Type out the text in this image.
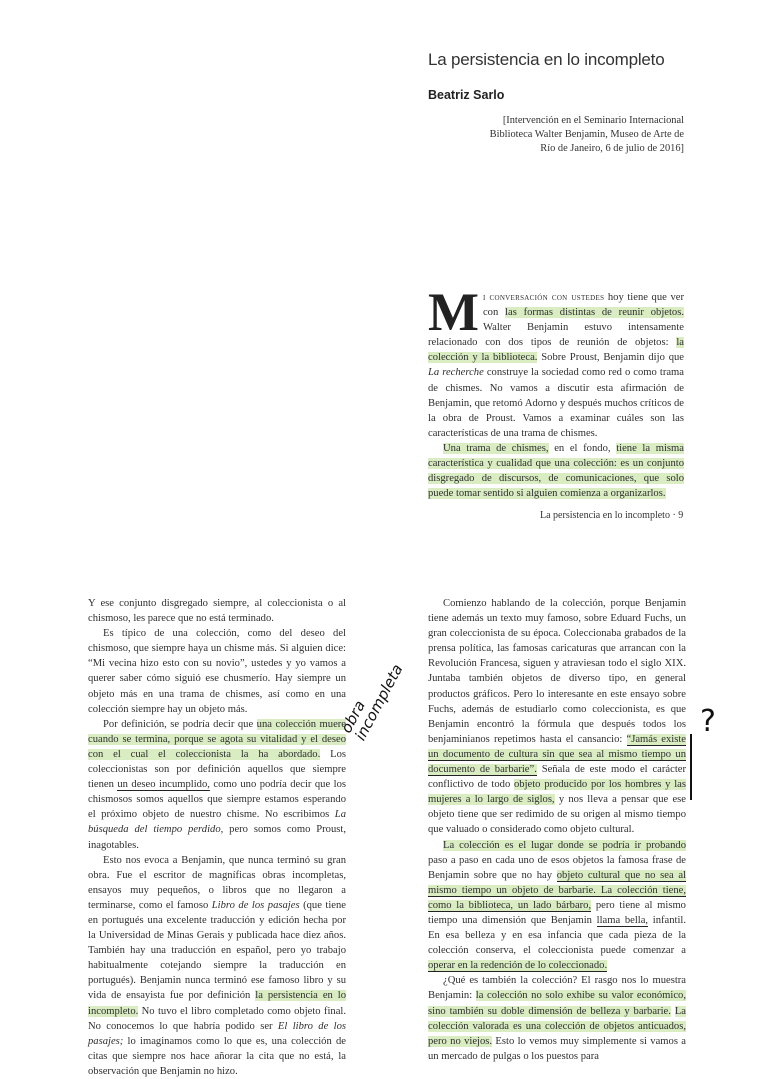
La persistencia en lo incompleto
Beatriz Sarlo
[Intervención en el Seminario Internacional
Biblioteca Walter Benjamin, Museo de Arte de
Río de Janeiro, 6 de julio de 2016]

Mi conversación con ustedes hoy tiene que ver con las formas distintas de reunir objetos. Walter Benjamin estuvo intensamente relacionado con dos tipos de reunión de objetos: la colección y la biblioteca. Sobre Proust, Benjamin dijo que La recherche construye la sociedad como red o como trama de chismes. No vamos a discutir esta afirmación de Benjamin, que retomó Adorno y después muchos críticos de la obra de Proust. Vamos a examinar cuáles son las características de una trama de chismes.

Una trama de chismes, en el fondo, tiene la misma característica y cualidad que una colección: es un conjunto disgregado de discursos, de comunicaciones, que solo puede tomar sentido si alguien comienza a organizarlos.

La persistencia en lo incompleto · 9

Y ese conjunto disgregado siempre, al coleccionista o al chismoso, les parece que no está terminado.

Es típico de una colección, como del deseo del chismoso, que siempre haya un chisme más. Si alguien dice: “Mi vecina hizo esto con su novio”, ustedes y yo vamos a querer saber cómo siguió ese chusmerío. Hay siempre un objeto más en una trama de chismes, así como en una colección siempre hay un objeto más.

Por definición, se podría decir que una colección muere cuando se termina, porque se agota su vitalidad y el deseo con el cual el coleccionista la ha abordado. Los coleccionistas son por definición aquellos que siempre tienen un deseo incumplido, como uno podría decir que los chismosos somos aquellos que siempre estamos esperando el próximo objeto de nuestro chisme. No escribimos La búsqueda del tiempo perdido, pero somos como Proust, inagotables.

Esto nos evoca a Benjamin, que nunca terminó su gran obra. Fue el escritor de magníficas obras incompletas, ensayos muy pequeños, o libros que no llegaron a terminarse, como el famoso Libro de los pasajes (que tiene en portugués una excelente traducción y edición hecha por la Universidad de Minas Gerais y publicada hace diez años. También hay una traducción en español, pero yo trabajo habitualmente cotejando siempre la traducción en portugués). Benjamin nunca terminó ese famoso libro y su vida de ensayista fue por definición la persistencia en lo incompleto. No tuvo el libro completado como objeto final. No conocemos lo que habría podido ser El libro de los pasajes; lo imaginamos como lo que es, una colección de citas que siempre nos hace añorar la cita que no está, la observación que Benjamin no hizo.

Comienzo hablando de la colección, porque Benjamin tiene además un texto muy famoso, sobre Eduard Fuchs, un gran coleccionista de su época. Coleccionaba grabados de la prensa política, las famosas caricaturas que arrancan con la Revolución Francesa, siguen y atraviesan todo el siglo XIX. Juntaba también objetos de diverso tipo, en general productos gráficos. Pero lo interesante en este ensayo sobre Fuchs, además de estudiarlo como coleccionista, es que Benjamin encontró la fórmula que después todos los benjaminianos repetimos hasta el cansancio: “Jamás existe un documento de cultura sin que sea al mismo tiempo un documento de barbarie”. Señala de este modo el carácter conflictivo de todo objeto producido por los hombres y las mujeres a lo largo de siglos, y nos lleva a pensar que ese objeto tiene que ser redimido de su origen al mismo tiempo que valuado o considerado como objeto cultural.

La colección es el lugar donde se podría ir probando paso a paso en cada uno de esos objetos la famosa frase de Benjamin sobre que no hay objeto cultural que no sea al mismo tiempo un objeto de barbarie. La colección tiene, como la biblioteca, un lado bárbaro, pero tiene al mismo tiempo una dimensión que Benjamin llama bella, infantil. En esa belleza y en esa infancia que cada pieza de la colección conserva, el coleccionista puede comenzar a operar en la redención de lo coleccionado.

¿Qué es también la colección? El rasgo nos lo muestra Benjamin: la colección no solo exhibe su valor económico, sino también su doble dimensión de belleza y barbarie. La colección valorada es una colección de objetos anticuados, pero no viejos. Esto lo vemos muy simplemente si vamos a un mercado de pulgas o los puestos para

obra incompleta	?
